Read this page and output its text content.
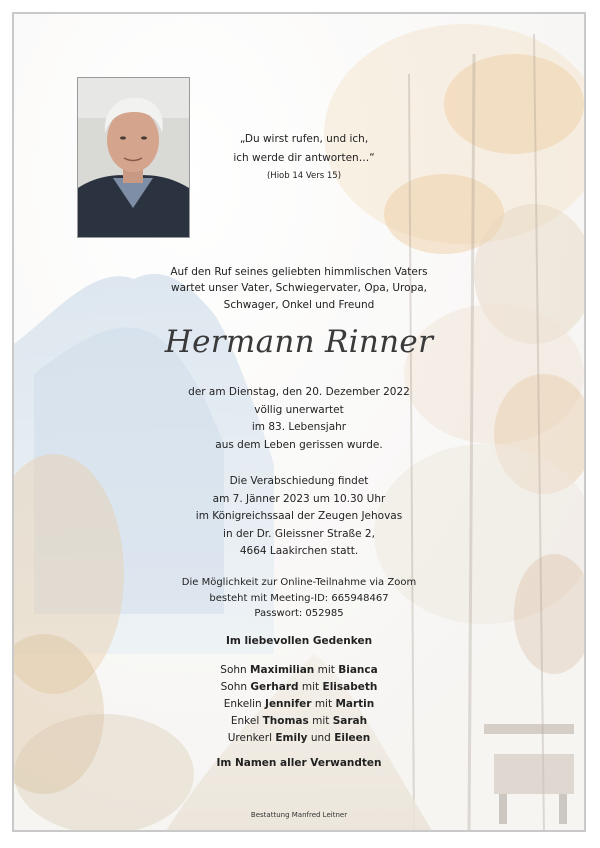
„Du wirst rufen, und ich,
ich werde dir antworten…“
(Hiob 14 Vers 15)
Auf den Ruf seines geliebten himmlischen Vaters
wartet unser Vater, Schwiegervater, Opa, Uropa,
Schwager, Onkel und Freund
Hermann Rinner
der am Dienstag, den 20. Dezember 2022
völlig unerwartet
im 83. Lebensjahr
aus dem Leben gerissen wurde.
Die Verabschiedung findet
am 7. Jänner 2023 um 10.30 Uhr
im Königreichssaal der Zeugen Jehovas
in der Dr. Gleissner Straße 2,
4664 Laakirchen statt.
Die Möglichkeit zur Online-Teilnahme via Zoom
besteht mit Meeting-ID: 665948467
Passwort: 052985
Im liebevollen Gedenken
Sohn Maximilian mit Bianca
Sohn Gerhard mit Elisabeth
Enkelin Jennifer mit Martin
Enkel Thomas mit Sarah
Urenkerl Emily und Eileen
Im Namen aller Verwandten
Bestattung Manfred Leitner
